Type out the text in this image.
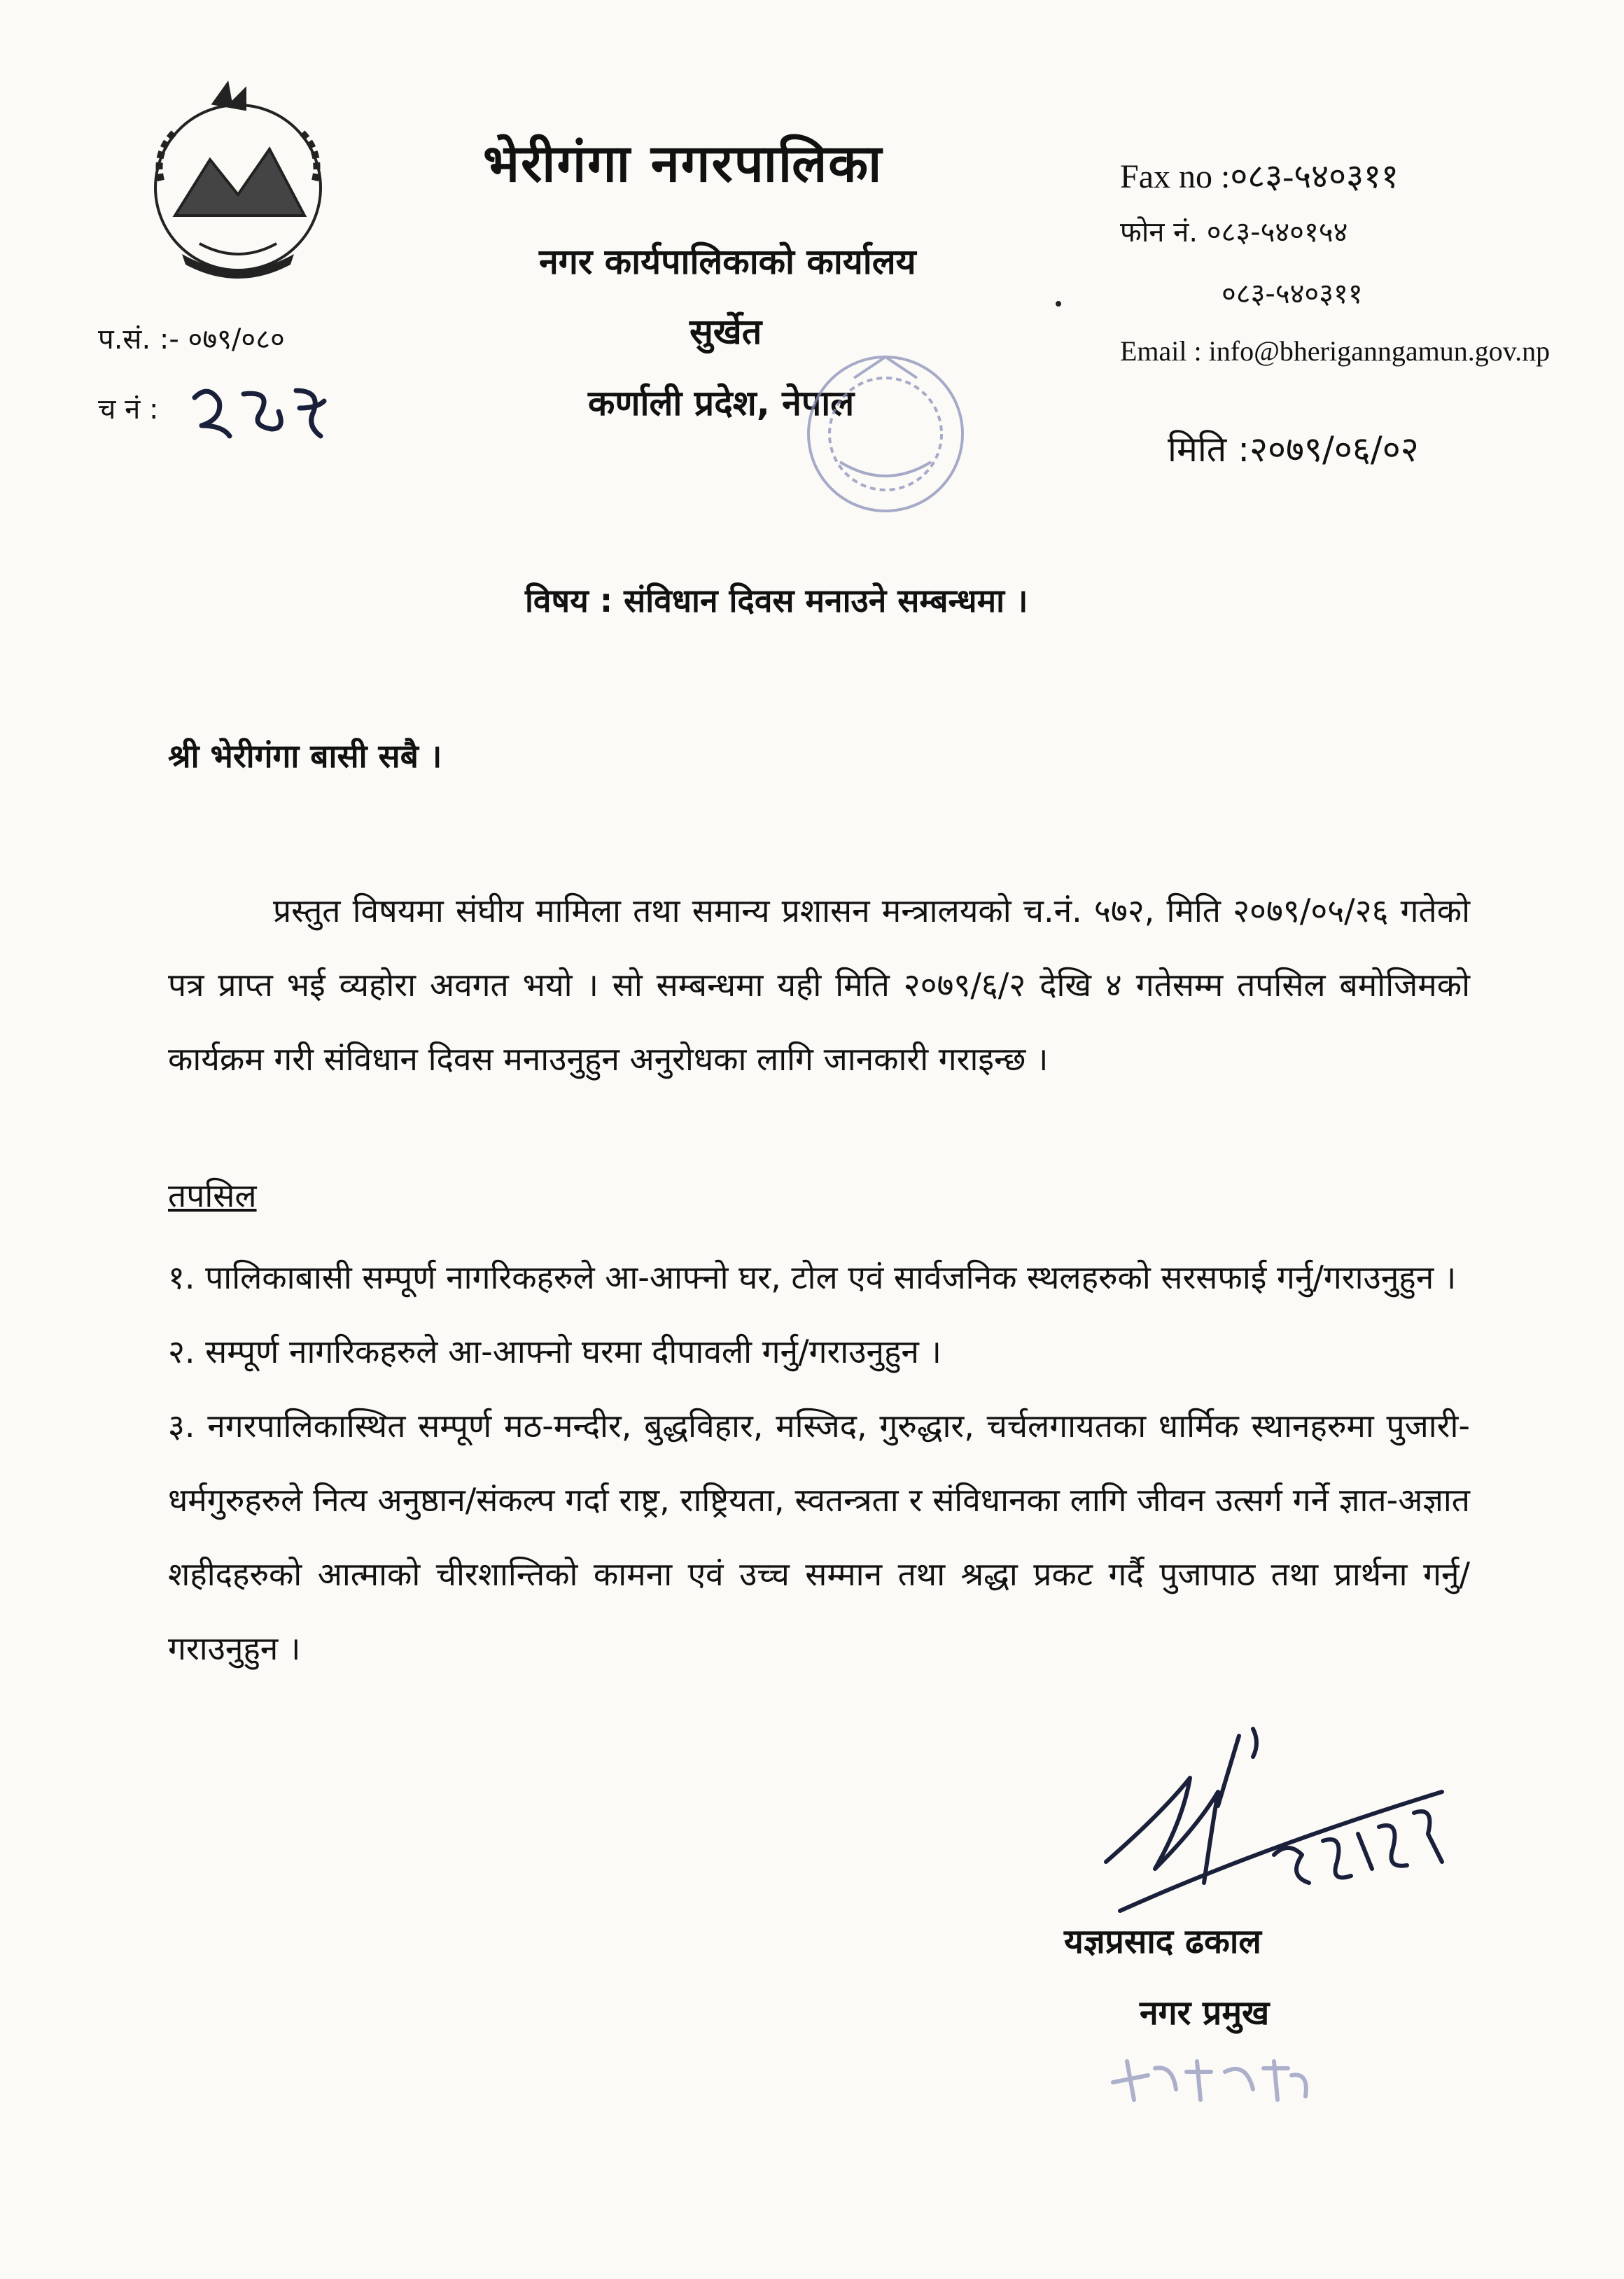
भेरीगंगा नगरपालिका
नगर कार्यपालिकाको कार्यालय
सुर्खेत
कर्णाली प्रदेश, नेपाल
Fax no :०८३-५४०३११
फोन नं. ०८३-५४०१५४
०८३-५४०३११
Email : info@bheriganngamun.gov.np
मिति :२०७९/०६/०२
प.सं. :- ०७९/०८०
च नं :
विषय : संविधान दिवस मनाउने सम्बन्धमा ।
श्री भेरीगंगा बासी सबै ।
प्रस्तुत विषयमा संघीय मामिला तथा समान्य प्रशासन मन्त्रालयको च.नं. ५७२, मिति २०७९/०५/२६ गतेको पत्र प्राप्त भई व्यहोरा अवगत भयो । सो सम्बन्धमा यही मिति २०७९/६/२ देखि ४ गतेसम्म तपसिल बमोजिमको कार्यक्रम गरी संविधान दिवस मनाउनुहुन अनुरोधका लागि जानकारी गराइन्छ ।
तपसिल

१. पालिकाबासी सम्पूर्ण नागरिकहरुले आ-आफ्नो घर, टोल एवं सार्वजनिक स्थलहरुको सरसफाई गर्नु/गराउनुहुन ।

२. सम्पूर्ण नागरिकहरुले आ-आफ्नो घरमा दीपावली गर्नु/गराउनुहुन ।

३. नगरपालिकास्थित सम्पूर्ण मठ-मन्दीर, बुद्धविहार, मस्जिद, गुरुद्धार, चर्चलगायतका धार्मिक स्थानहरुमा पुजारी-धर्मगुरुहरुले नित्य अनुष्ठान/संकल्प गर्दा राष्ट्र, राष्ट्रियता, स्वतन्त्रता र संविधानका लागि जीवन उत्सर्ग गर्ने ज्ञात-अज्ञात शहीदहरुको आत्माको चीरशान्तिको कामना एवं उच्च सम्मान तथा श्रद्धा प्रकट गर्दै पुजापाठ तथा प्रार्थना गर्नु/गराउनुहुन ।

यज्ञप्रसाद ढकाल
नगर प्रमुख
